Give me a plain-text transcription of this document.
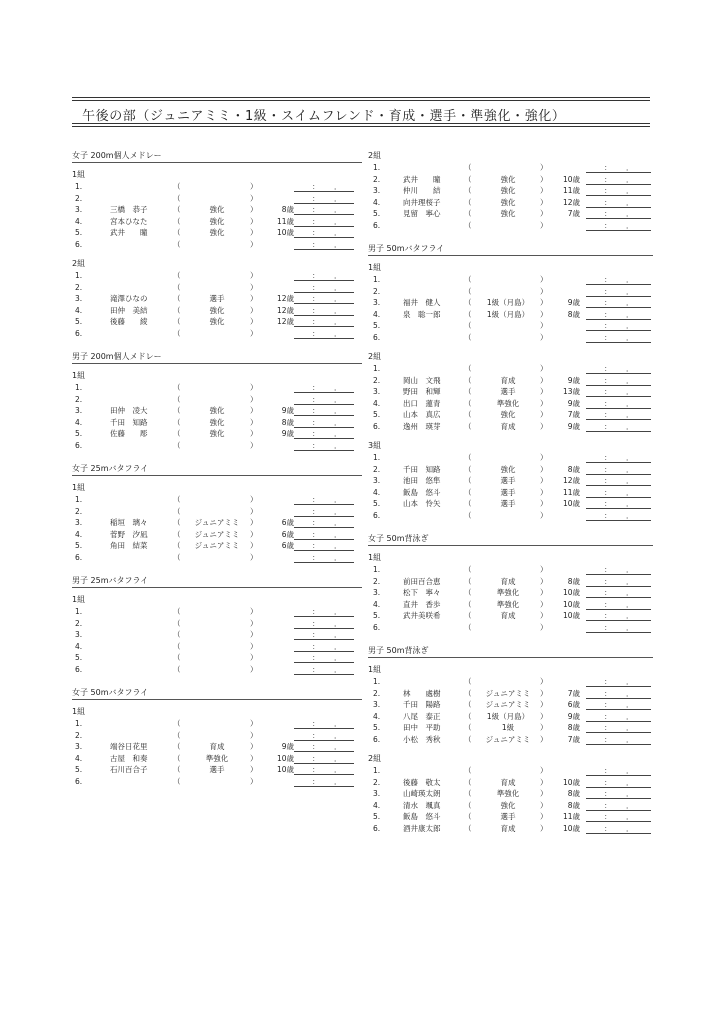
午後の部（ジュニアミミ・1級・スイムフレンド・育成・選手・準強化・強化）
女子 200m個人メドレー
1組
1.	（	）	： ．
2.	（	）	： ．
3.	三橋　恭子	（	強化	）	8歳 ： ．
4.	宮本ひなた	（	強化	）	11歳 ： ．
5.	武井　　瞳	（	強化	）	10歳 ： ．
6.	（	）	： ．
2組
1.	（	）	： ．
2.	（	）	： ．
3.	滝澤ひなの	（	選手	）	12歳 ： ．
4.	田仲　美結	（	強化	）	12歳 ： ．
5.	後藤　　綾	（	強化	）	12歳 ： ．
6.	（	）	： ．
男子 200m個人メドレー
1組
1.	（	）	： ．
2.	（	）	： ．
3.	田仲　凌大	（	強化	）	9歳 ： ．
4.	千田　知路	（	強化	）	8歳 ： ．
5.	佐藤　　彫	（	強化	）	9歳 ： ．
6.	（	）	： ．
女子 25mバタフライ
1組
1.	（	）	： ．
2.	（	）	： ．
3.	稲垣　璃々	（	ジュニアミミ	）	6歳 ： ．
4.	菅野　汐凪	（	ジュニアミミ	）	6歳 ： ．
5.	角田　結菜	（	ジュニアミミ	）	6歳 ： ．
6.	（	）	： ．
男子 25mバタフライ
1組
1.	（	）	： ．
2.	（	）	： ．
3.	（	）	： ．
4.	（	）	： ．
5.	（	）	： ．
6.	（	）	： ．
女子 50mバタフライ
1組
1.	（	）	： ．
2.	（	）	： ．
3.	端谷日花里	（	育成	）	9歳 ： ．
4.	古屋　和奏	（	準強化	）	10歳 ： ．
5.	石川百合子	（	選手	）	10歳 ： ．
6.	（	）	： ．
2組
1.	（	）	： ．
2.	武井　　瞳	（	強化	）	10歳	： ．
3.	仲川　　結	（	強化	）	11歳	： ．
4.	向井理桜子	（	強化	）	12歳	： ．
5.	見留　寧心	（	強化	）	7歳	： ．
6.	（	）	： ．
男子 50mバタフライ
1組
1.	（	）	： ．
2.	（	）	： ．
3.	福井　健人	（	1級（月島）	）	9歳	： ．
4.	泉　聡一郎	（	1級（月島）	）	8歳	： ．
5.	（	）	： ．
6.	（	）	： ．
2組
1.	（	）	： ．
2.	岡山　文飛	（	育成	）	9歳	： ．
3.	野田　和輝	（	選手	）	13歳	： ．
4.	出口　蓮青	（	準強化	）	9歳	： ．
5.	山本　真広	（	強化	）	7歳	： ．
6.	逸州　瑛芽	（	育成	）	9歳	： ．
3組
1.	（	）	： ．
2.	千田　知路	（	強化	）	8歳	： ．
3.	池田　悠隼	（	選手	）	12歳	： ．
4.	飯島　悠斗	（	選手	）	11歳	： ．
5.	山本　怜矢	（	選手	）	10歳	： ．
6.	（	）	： ．
女子 50m背泳ぎ
1組
1.	（	）	： ．
2.	前田百合恵	（	育成	）	8歳	： ．
3.	松下　寧々	（	準強化	）	10歳	： ．
4.	直井　香歩	（	準強化	）	10歳	： ．
5.	武井美咲希	（	育成	）	10歳	： ．
6.	（	）	： ．
男子 50m背泳ぎ
1組
1.	（	）	： ．
2.	林　　處樹	（	ジュニアミミ	）	7歳	： ．
3.	千田　陽路	（	ジュニアミミ	）	6歳	： ．
4.	八尾　泰正	（	1級（月島）	）	9歳	： ．
5.	田中　平助	（	1級	）	8歳	： ．
6.	小松　秀秋	（	ジュニアミミ	）	7歳	： ．
2組
1.	（	）	： ．
2.	後藤　敬太	（	育成	）	10歳	： ．
3.	山崎瑛太朗	（	準強化	）	8歳	： ．
4.	清水　颯真	（	強化	）	8歳	： ．
5.	飯島　悠斗	（	選手	）	11歳	： ．
6.	酒井康太郎	（	育成	）	10歳	： ．
